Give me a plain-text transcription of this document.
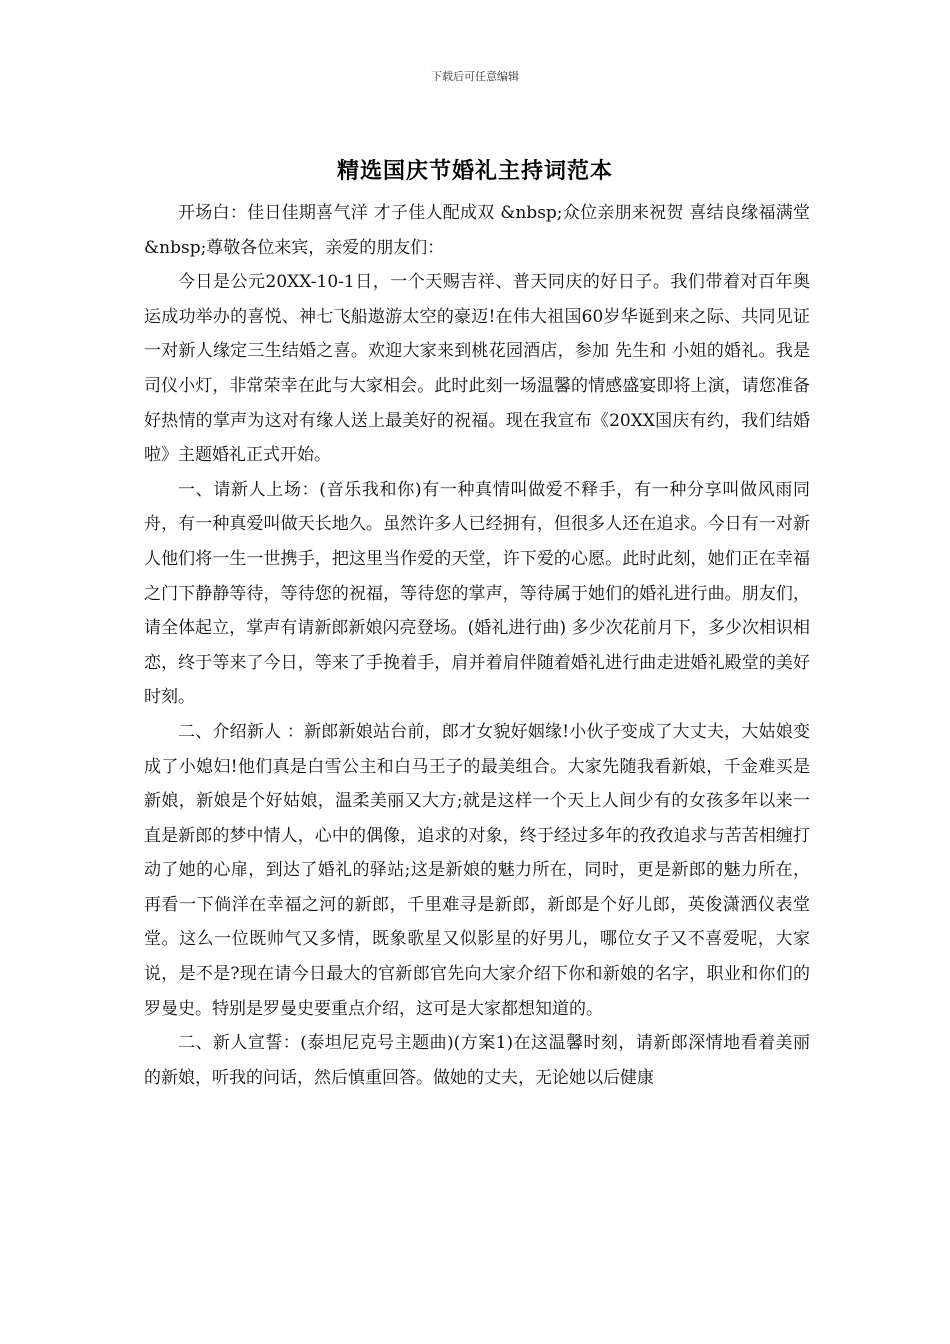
下载后可任意编辑
精选国庆节婚礼主持词范本

开场白：佳日佳期喜气洋 才子佳人配成双 &nbsp;众位亲朋来祝贺 喜结良缘福满堂 &nbsp;尊敬各位来宾，亲爱的朋友们：

今日是公元20XX-10-1日，一个天赐吉祥、普天同庆的好日子。我们带着对百年奥运成功举办的喜悦、神七飞船遨游太空的豪迈!在伟大祖国60岁华诞到来之际、共同见证一对新人缘定三生结婚之喜。欢迎大家来到桃花园酒店，参加 先生和 小姐的婚礼。我是司仪小灯，非常荣幸在此与大家相会。此时此刻一场温馨的情感盛宴即将上演，请您准备好热情的掌声为这对有缘人送上最美好的祝福。现在我宣布《20XX国庆有约，我们结婚啦》主题婚礼正式开始。

一、请新人上场：(音乐我和你)有一种真情叫做爱不释手，有一种分享叫做风雨同舟，有一种真爱叫做天长地久。虽然许多人已经拥有，但很多人还在追求。今日有一对新人他们将一生一世携手，把这里当作爱的天堂，许下爱的心愿。此时此刻，她们正在幸福之门下静静等待，等待您的祝福，等待您的掌声，等待属于她们的婚礼进行曲。朋友们，请全体起立，掌声有请新郎新娘闪亮登场。(婚礼进行曲) 多少次花前月下，多少次相识相恋，终于等来了今日，等来了手挽着手，肩并着肩伴随着婚礼进行曲走进婚礼殿堂的美好时刻。

二、介绍新人 ：新郎新娘站台前，郎才女貌好姻缘!小伙子变成了大丈夫，大姑娘变成了小媳妇!他们真是白雪公主和白马王子的最美组合。大家先随我看新娘，千金难买是新娘，新娘是个好姑娘，温柔美丽又大方;就是这样一个天上人间少有的女孩多年以来一直是新郎的梦中情人，心中的偶像，追求的对象，终于经过多年的孜孜追求与苦苦相缠打动了她的心扉，到达了婚礼的驿站;这是新娘的魅力所在，同时，更是新郎的魅力所在，再看一下倘洋在幸福之河的新郎，千里难寻是新郎，新郎是个好儿郎，英俊潇洒仪表堂堂。这么一位既帅气又多情，既象歌星又似影星的好男儿，哪位女子又不喜爱呢，大家说，是不是?现在请今日最大的官新郎官先向大家介绍下你和新娘的名字，职业和你们的罗曼史。特别是罗曼史要重点介绍，这可是大家都想知道的。

二、新人宣誓：(泰坦尼克号主题曲)(方案1)在这温馨时刻，请新郎深情地看着美丽的新娘，听我的问话，然后慎重回答。做她的丈夫，无论她以后健康
